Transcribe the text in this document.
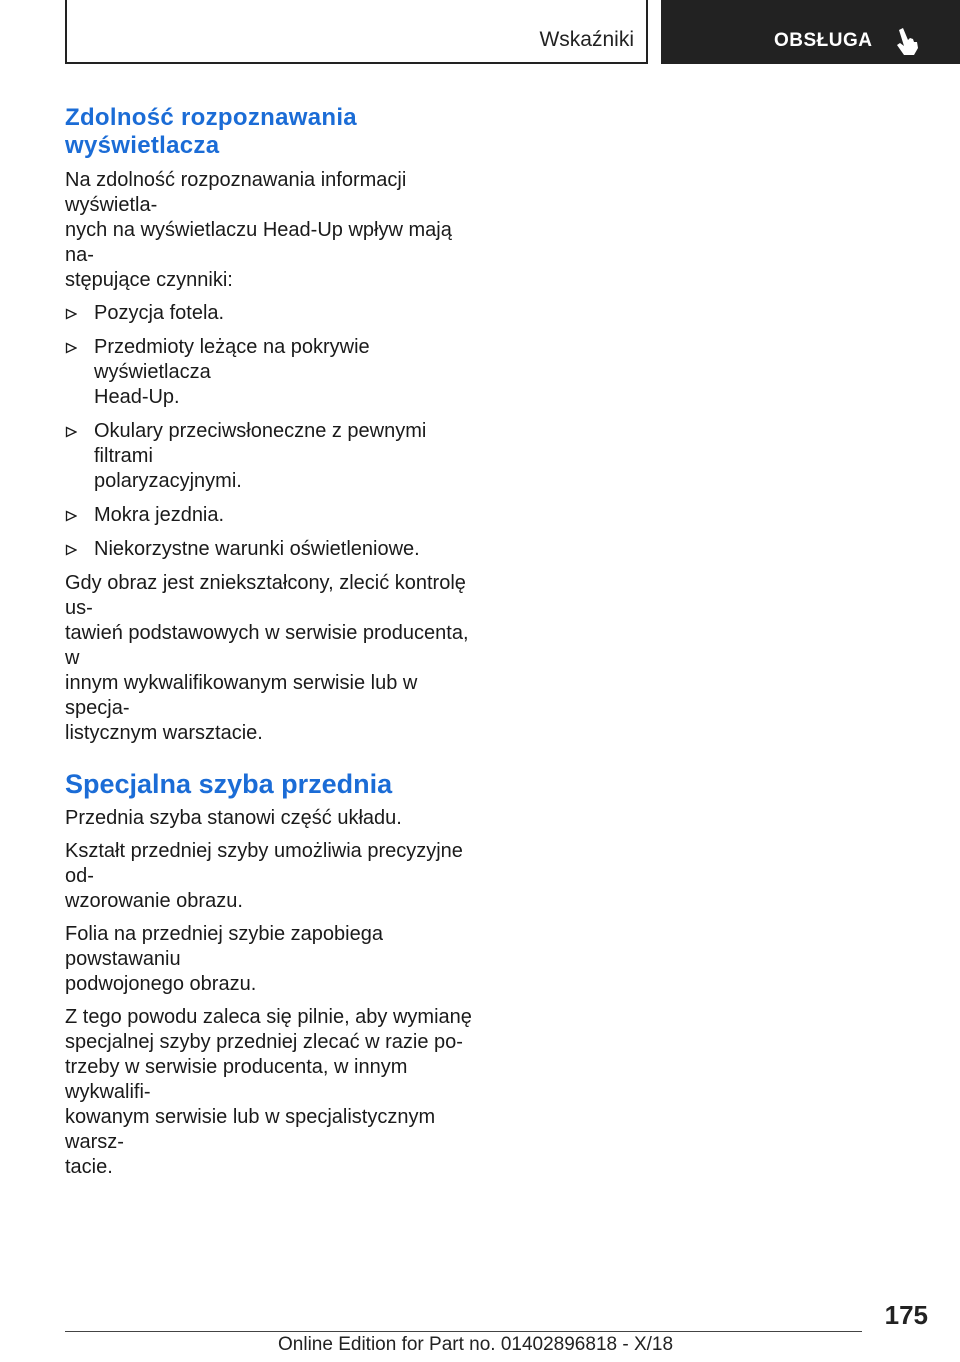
Wskaźniki	OBSŁUGA
Zdolność rozpoznawania
wyświetlacza

Na zdolność rozpoznawania informacji wyświetla‐
nych na wyświetlaczu Head-Up wpływ mają na‐
stępujące czynniki:

Pozycja fotela.
Przedmioty leżące na pokrywie wyświetlacza
Head-Up.
Okulary przeciwsłoneczne z pewnymi filtrami
polaryzacyjnymi.
Mokra jezdnia.
Niekorzystne warunki oświetleniowe.

Gdy obraz jest zniekształcony, zlecić kontrolę us‐
tawień podstawowych w serwisie producenta, w
innym wykwalifikowanym serwisie lub w specja‐
listycznym warsztacie.

Specjalna szyba przednia

Przednia szyba stanowi część układu.

Kształt przedniej szyby umożliwia precyzyjne od‐
wzorowanie obrazu.

Folia na przedniej szybie zapobiega powstawaniu
podwojonego obrazu.

Z tego powodu zaleca się pilnie, aby wymianę
specjalnej szyby przedniej zlecać w razie po‐
trzeby w serwisie producenta, w innym wykwalifi‐
kowanym serwisie lub w specjalistycznym warsz‐
tacie.

175
Online Edition for Part no. 01402896818 - X/18
